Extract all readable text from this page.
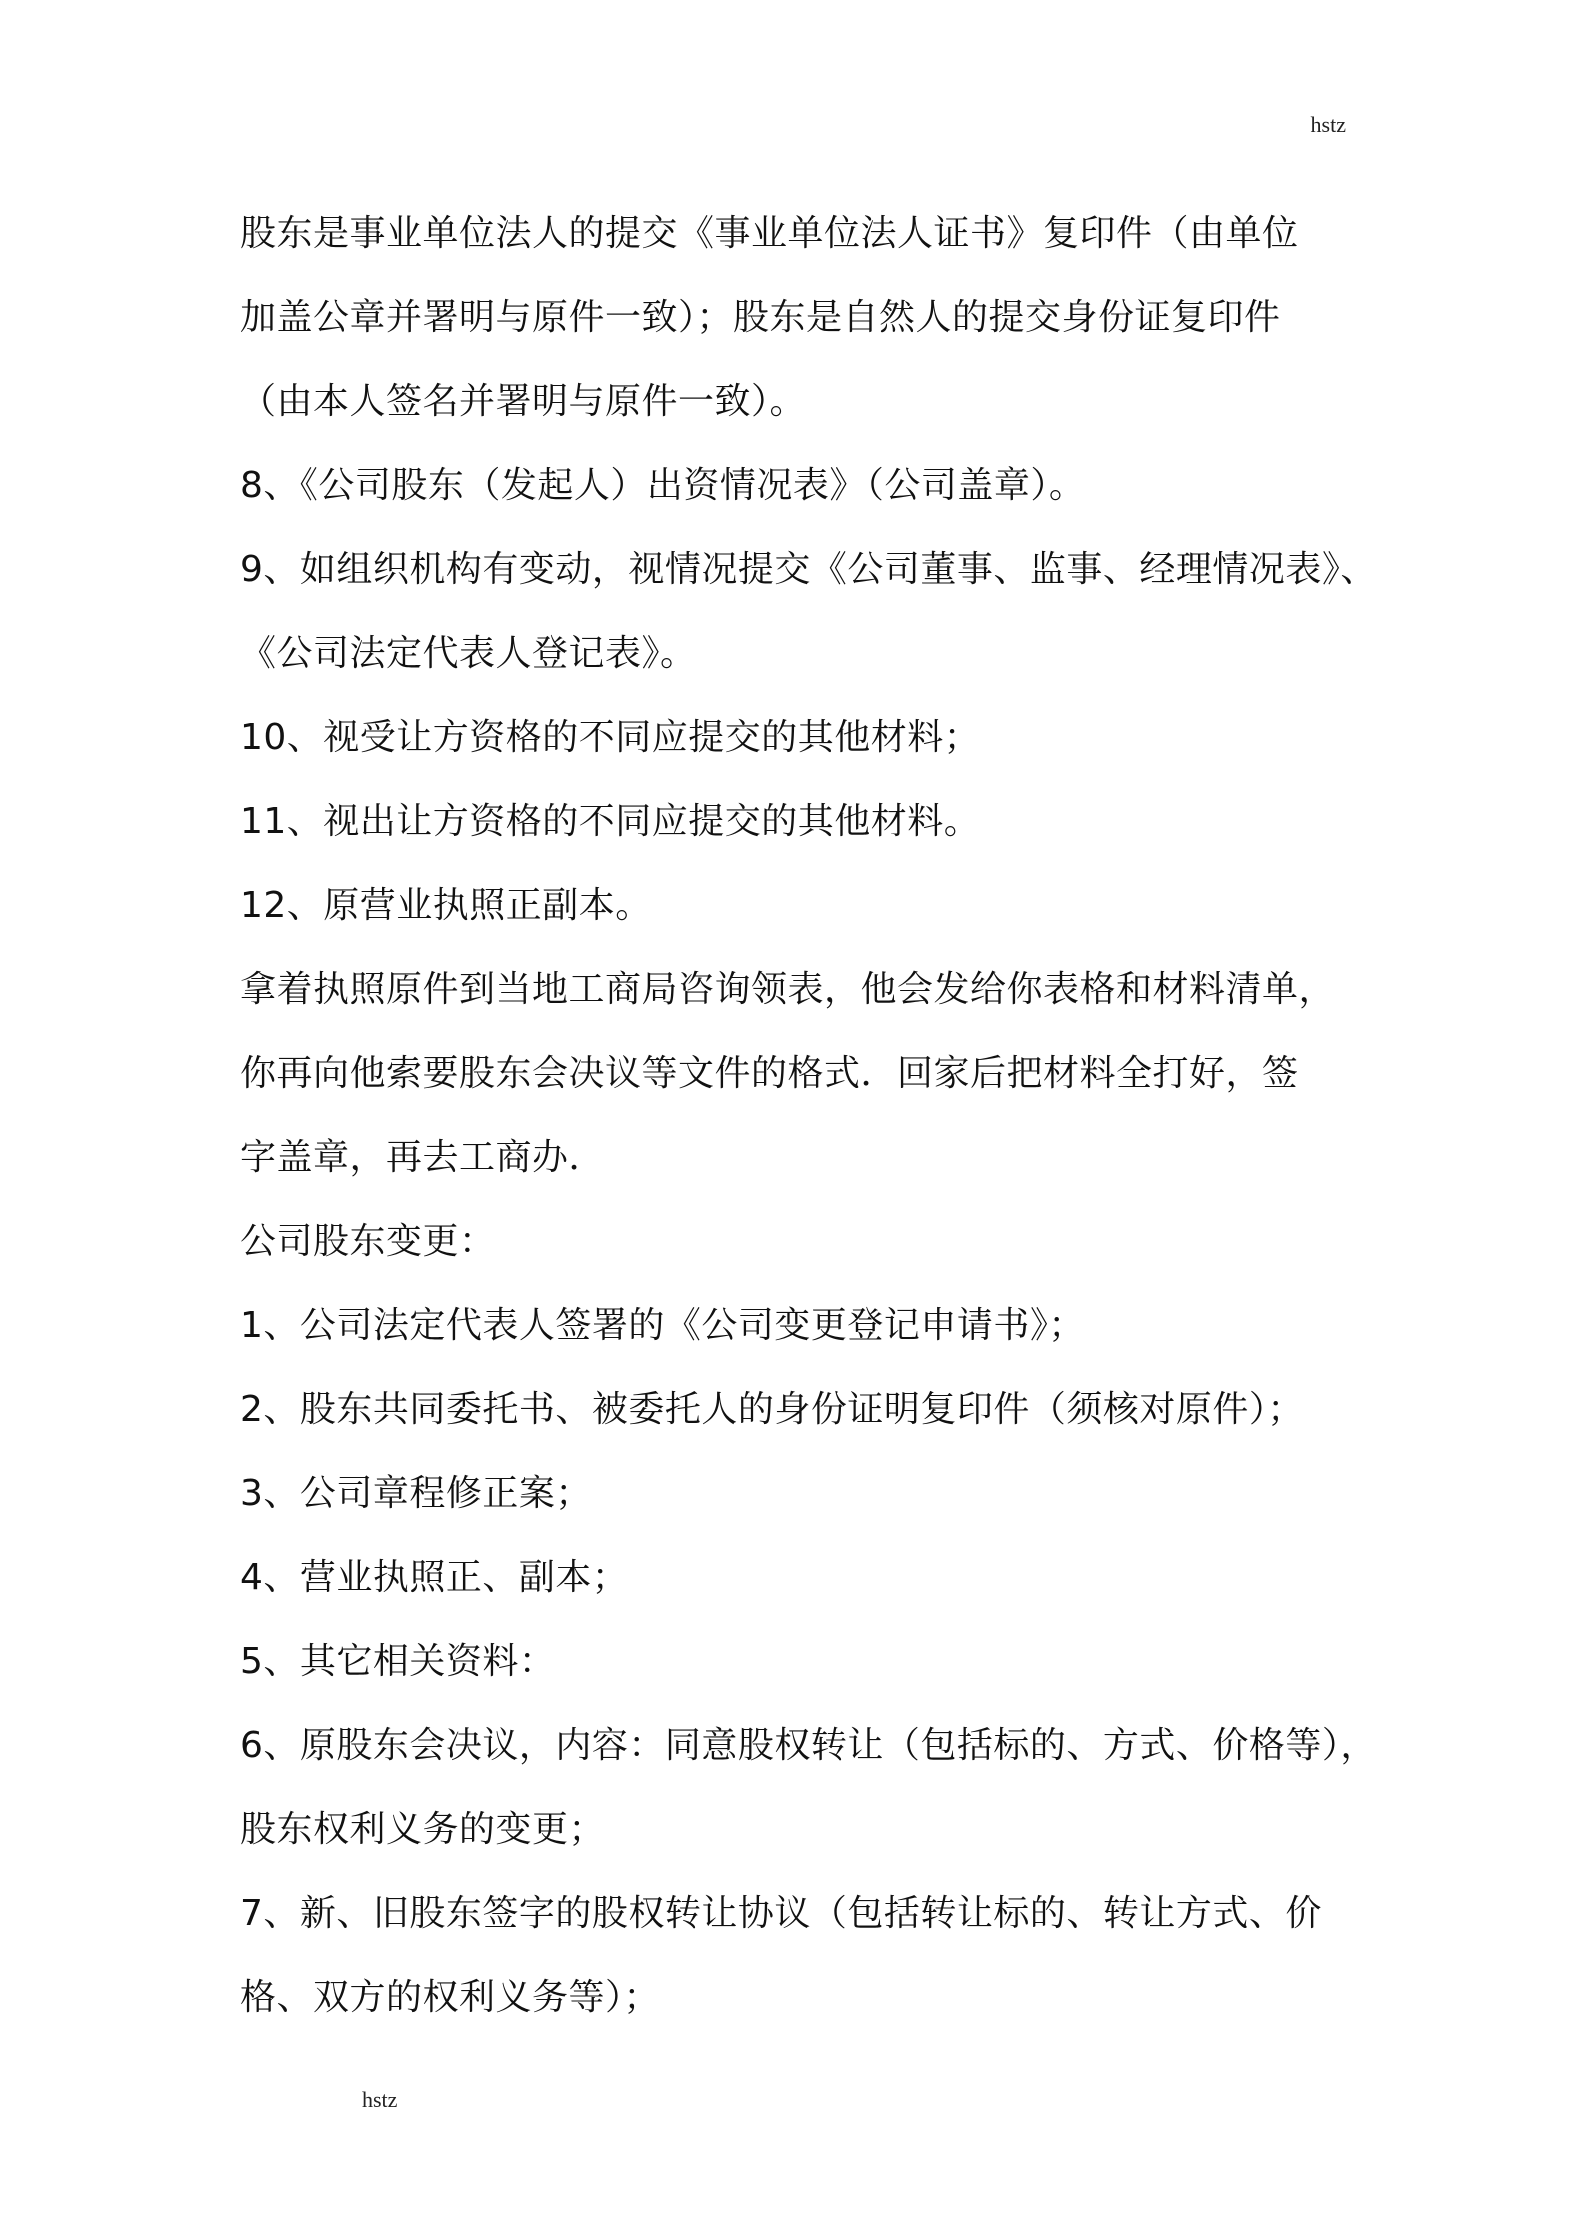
hstz
股东是事业单位法人的提交《事业单位法人证书》复印件（由单位
加盖公章并署明与原件一致）；股东是自然人的提交身份证复印件
（由本人签名并署明与原件一致）。
8、《公司股东（发起人）出资情况表》（公司盖章）。
9、如组织机构有变动，视情况提交《公司董事、监事、经理情况表》、
《公司法定代表人登记表》。
10、视受让方资格的不同应提交的其他材料；
11、视出让方资格的不同应提交的其他材料。
12、原营业执照正副本。
拿着执照原件到当地工商局咨询领表，他会发给你表格和材料清单，
你再向他索要股东会决议等文件的格式．回家后把材料全打好，签
字盖章，再去工商办．
公司股东变更：
1、公司法定代表人签署的《公司变更登记申请书》；
2、股东共同委托书、被委托人的身份证明复印件（须核对原件）；
3、公司章程修正案；
4、营业执照正、副本；
5、其它相关资料：
6、原股东会决议，内容：同意股权转让（包括标的、方式、价格等），
股东权利义务的变更；
7、新、旧股东签字的股权转让协议（包括转让标的、转让方式、价
格、双方的权利义务等）；
hstz
